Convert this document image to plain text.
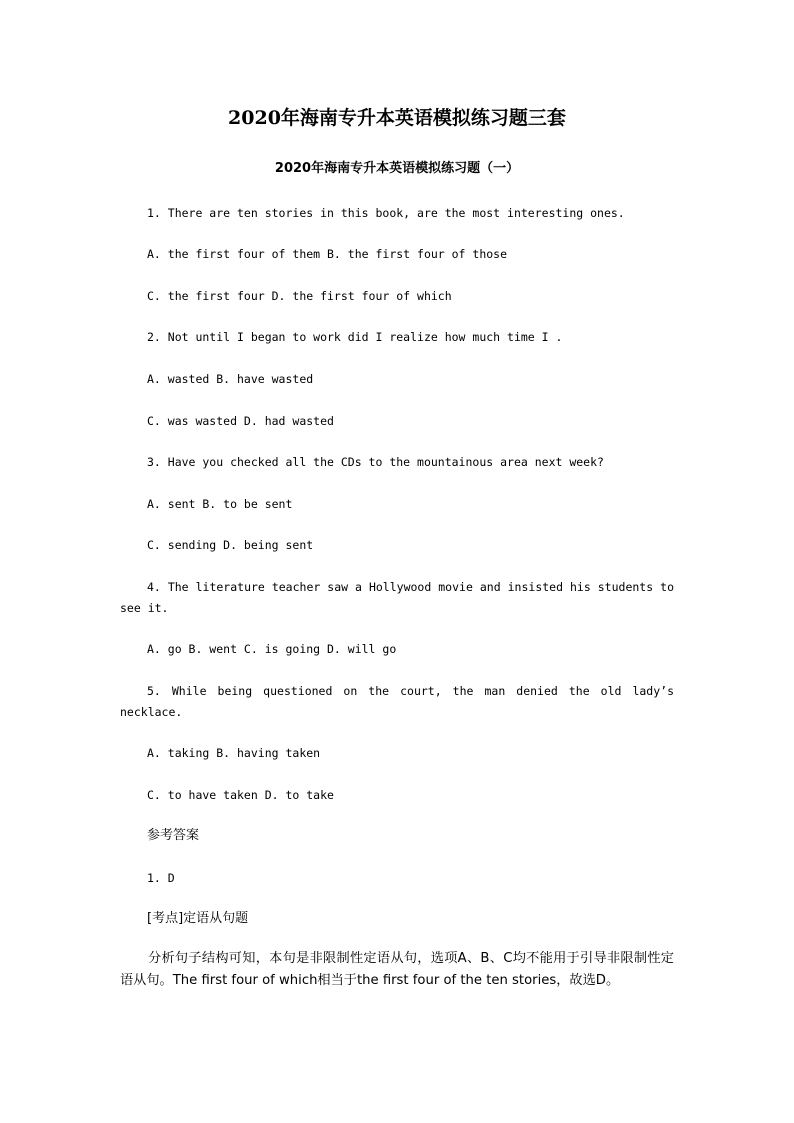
2020年海南专升本英语模拟练习题三套
2020年海南专升本英语模拟练习题（一）
1. There are ten stories in this book, are the most interesting ones.
A. the first four of them B. the first four of those
C. the first four D. the first four of which
2. Not until I began to work did I realize how much time I .
A. wasted B. have wasted
C. was wasted D. had wasted
3. Have you checked all the CDs to the mountainous area next week?
A. sent B. to be sent
C. sending D. being sent
4. The literature teacher saw a Hollywood movie and insisted his students to see it.
A. go B. went C. is going D. will go
5. While being questioned on the court, the man denied the old lady’s necklace.
A. taking B. having taken
C. to have taken D. to take
参考答案
1. D
[考点]定语从句题
分析句子结构可知，本句是非限制性定语从句，选项A、B、C均不能用于引导非限制性定语从句。The first four of which相当于the first four of the ten stories，故选D。
